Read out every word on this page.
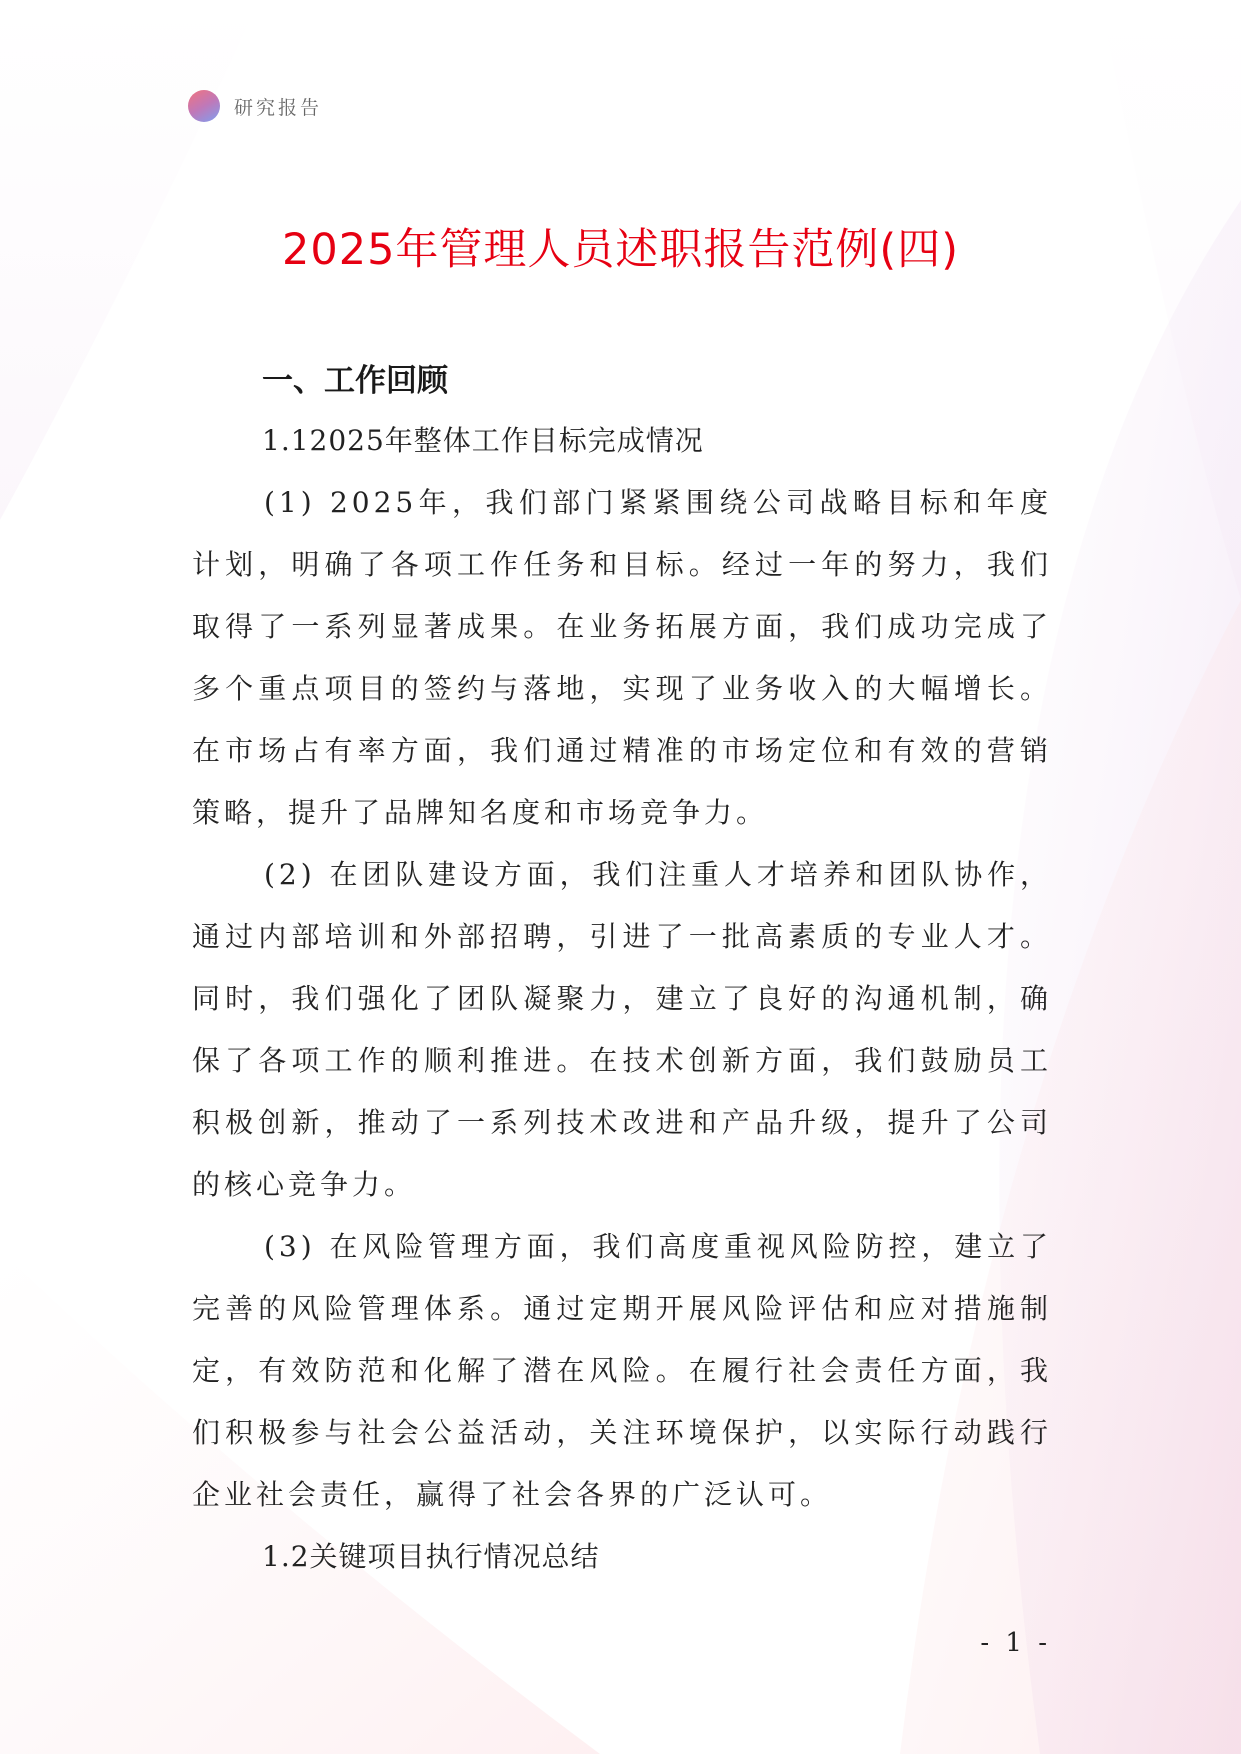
研究报告
2025年管理人员述职报告范例(四)
一、工作回顾
1.12025年整体工作目标完成情况

(1) 2025年，我们部门紧紧围绕公司战略目标和年度计划，明确了各项工作任务和目标。经过一年的努力，我们取得了一系列显著成果。在业务拓展方面，我们成功完成了多个重点项目的签约与落地，实现了业务收入的大幅增长。在市场占有率方面，我们通过精准的市场定位和有效的营销策略，提升了品牌知名度和市场竞争力。

(2) 在团队建设方面，我们注重人才培养和团队协作，通过内部培训和外部招聘，引进了一批高素质的专业人才。同时，我们强化了团队凝聚力，建立了良好的沟通机制，确保了各项工作的顺利推进。在技术创新方面，我们鼓励员工积极创新，推动了一系列技术改进和产品升级，提升了公司的核心竞争力。

(3) 在风险管理方面，我们高度重视风险防控，建立了完善的风险管理体系。通过定期开展风险评估和应对措施制定，有效防范和化解了潜在风险。在履行社会责任方面，我们积极参与社会公益活动，关注环境保护，以实际行动践行企业社会责任，赢得了社会各界的广泛认可。

1.2关键项目执行情况总结
- 1 -
